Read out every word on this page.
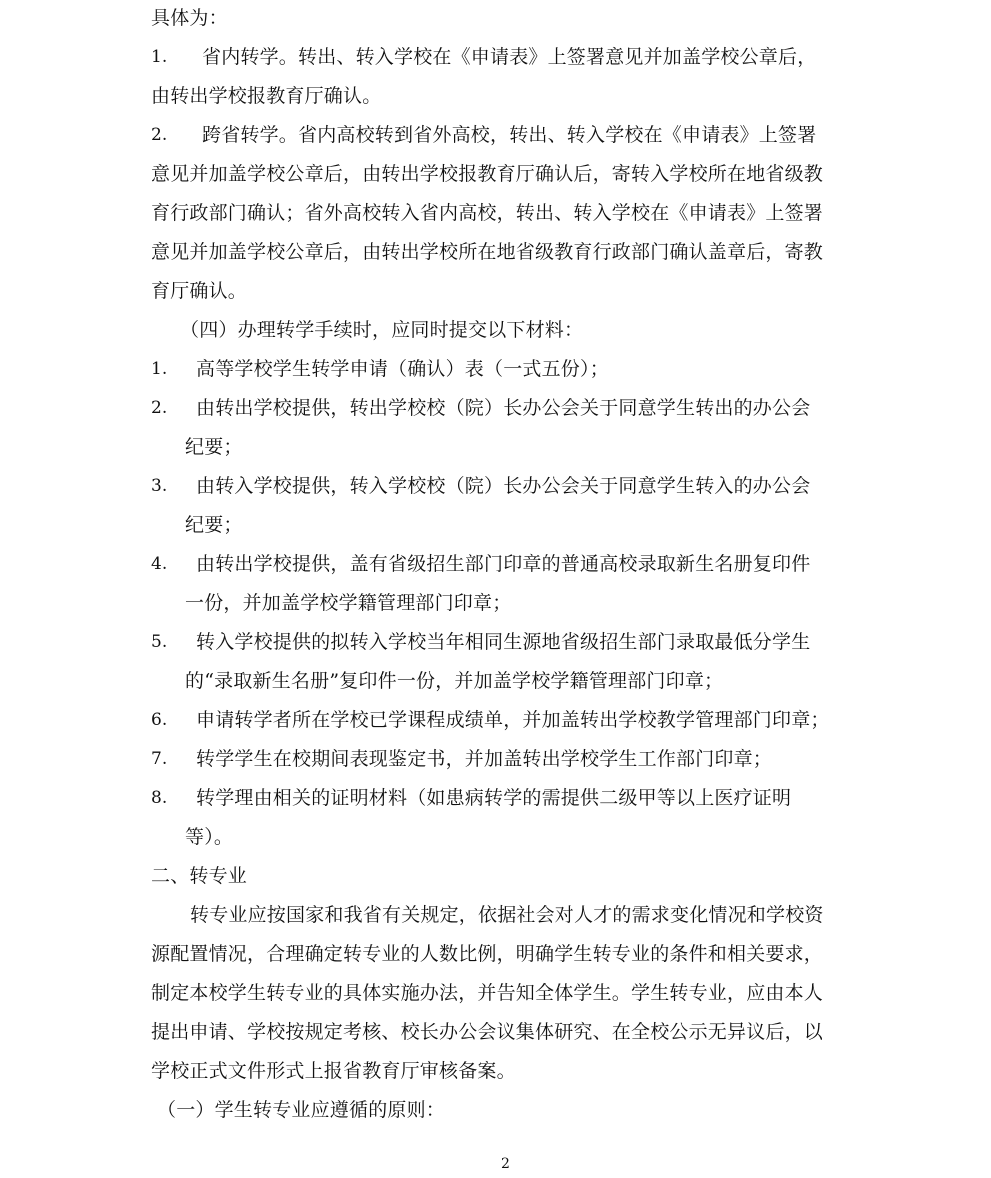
具体为：
1. 省内转学。转出、转入学校在《申请表》上签署意见并加盖学校公章后，
由转出学校报教育厅确认。
2. 跨省转学。省内高校转到省外高校，转出、转入学校在《申请表》上签署
意见并加盖学校公章后，由转出学校报教育厅确认后，寄转入学校所在地省级教
育行政部门确认；省外高校转入省内高校，转出、转入学校在《申请表》上签署
意见并加盖学校公章后，由转出学校所在地省级教育行政部门确认盖章后，寄教
育厅确认。
（四）办理转学手续时，应同时提交以下材料：
1. 高等学校学生转学申请（确认）表（一式五份）；
2. 由转出学校提供，转出学校校（院）长办公会关于同意学生转出的办公会
纪要；
3. 由转入学校提供，转入学校校（院）长办公会关于同意学生转入的办公会
纪要；
4. 由转出学校提供，盖有省级招生部门印章的普通高校录取新生名册复印件
一份，并加盖学校学籍管理部门印章；
5. 转入学校提供的拟转入学校当年相同生源地省级招生部门录取最低分学生
的“录取新生名册”复印件一份，并加盖学校学籍管理部门印章；
6. 申请转学者所在学校已学课程成绩单，并加盖转出学校教学管理部门印章；
7. 转学学生在校期间表现鉴定书，并加盖转出学校学生工作部门印章；
8. 转学理由相关的证明材料（如患病转学的需提供二级甲等以上医疗证明
等）。
二、转专业
转专业应按国家和我省有关规定，依据社会对人才的需求变化情况和学校资
源配置情况，合理确定转专业的人数比例，明确学生转专业的条件和相关要求，
制定本校学生转专业的具体实施办法，并告知全体学生。学生转专业，应由本人
提出申请、学校按规定考核、校长办公会议集体研究、在全校公示无异议后，以
学校正式文件形式上报省教育厅审核备案。
（一）学生转专业应遵循的原则：
2
